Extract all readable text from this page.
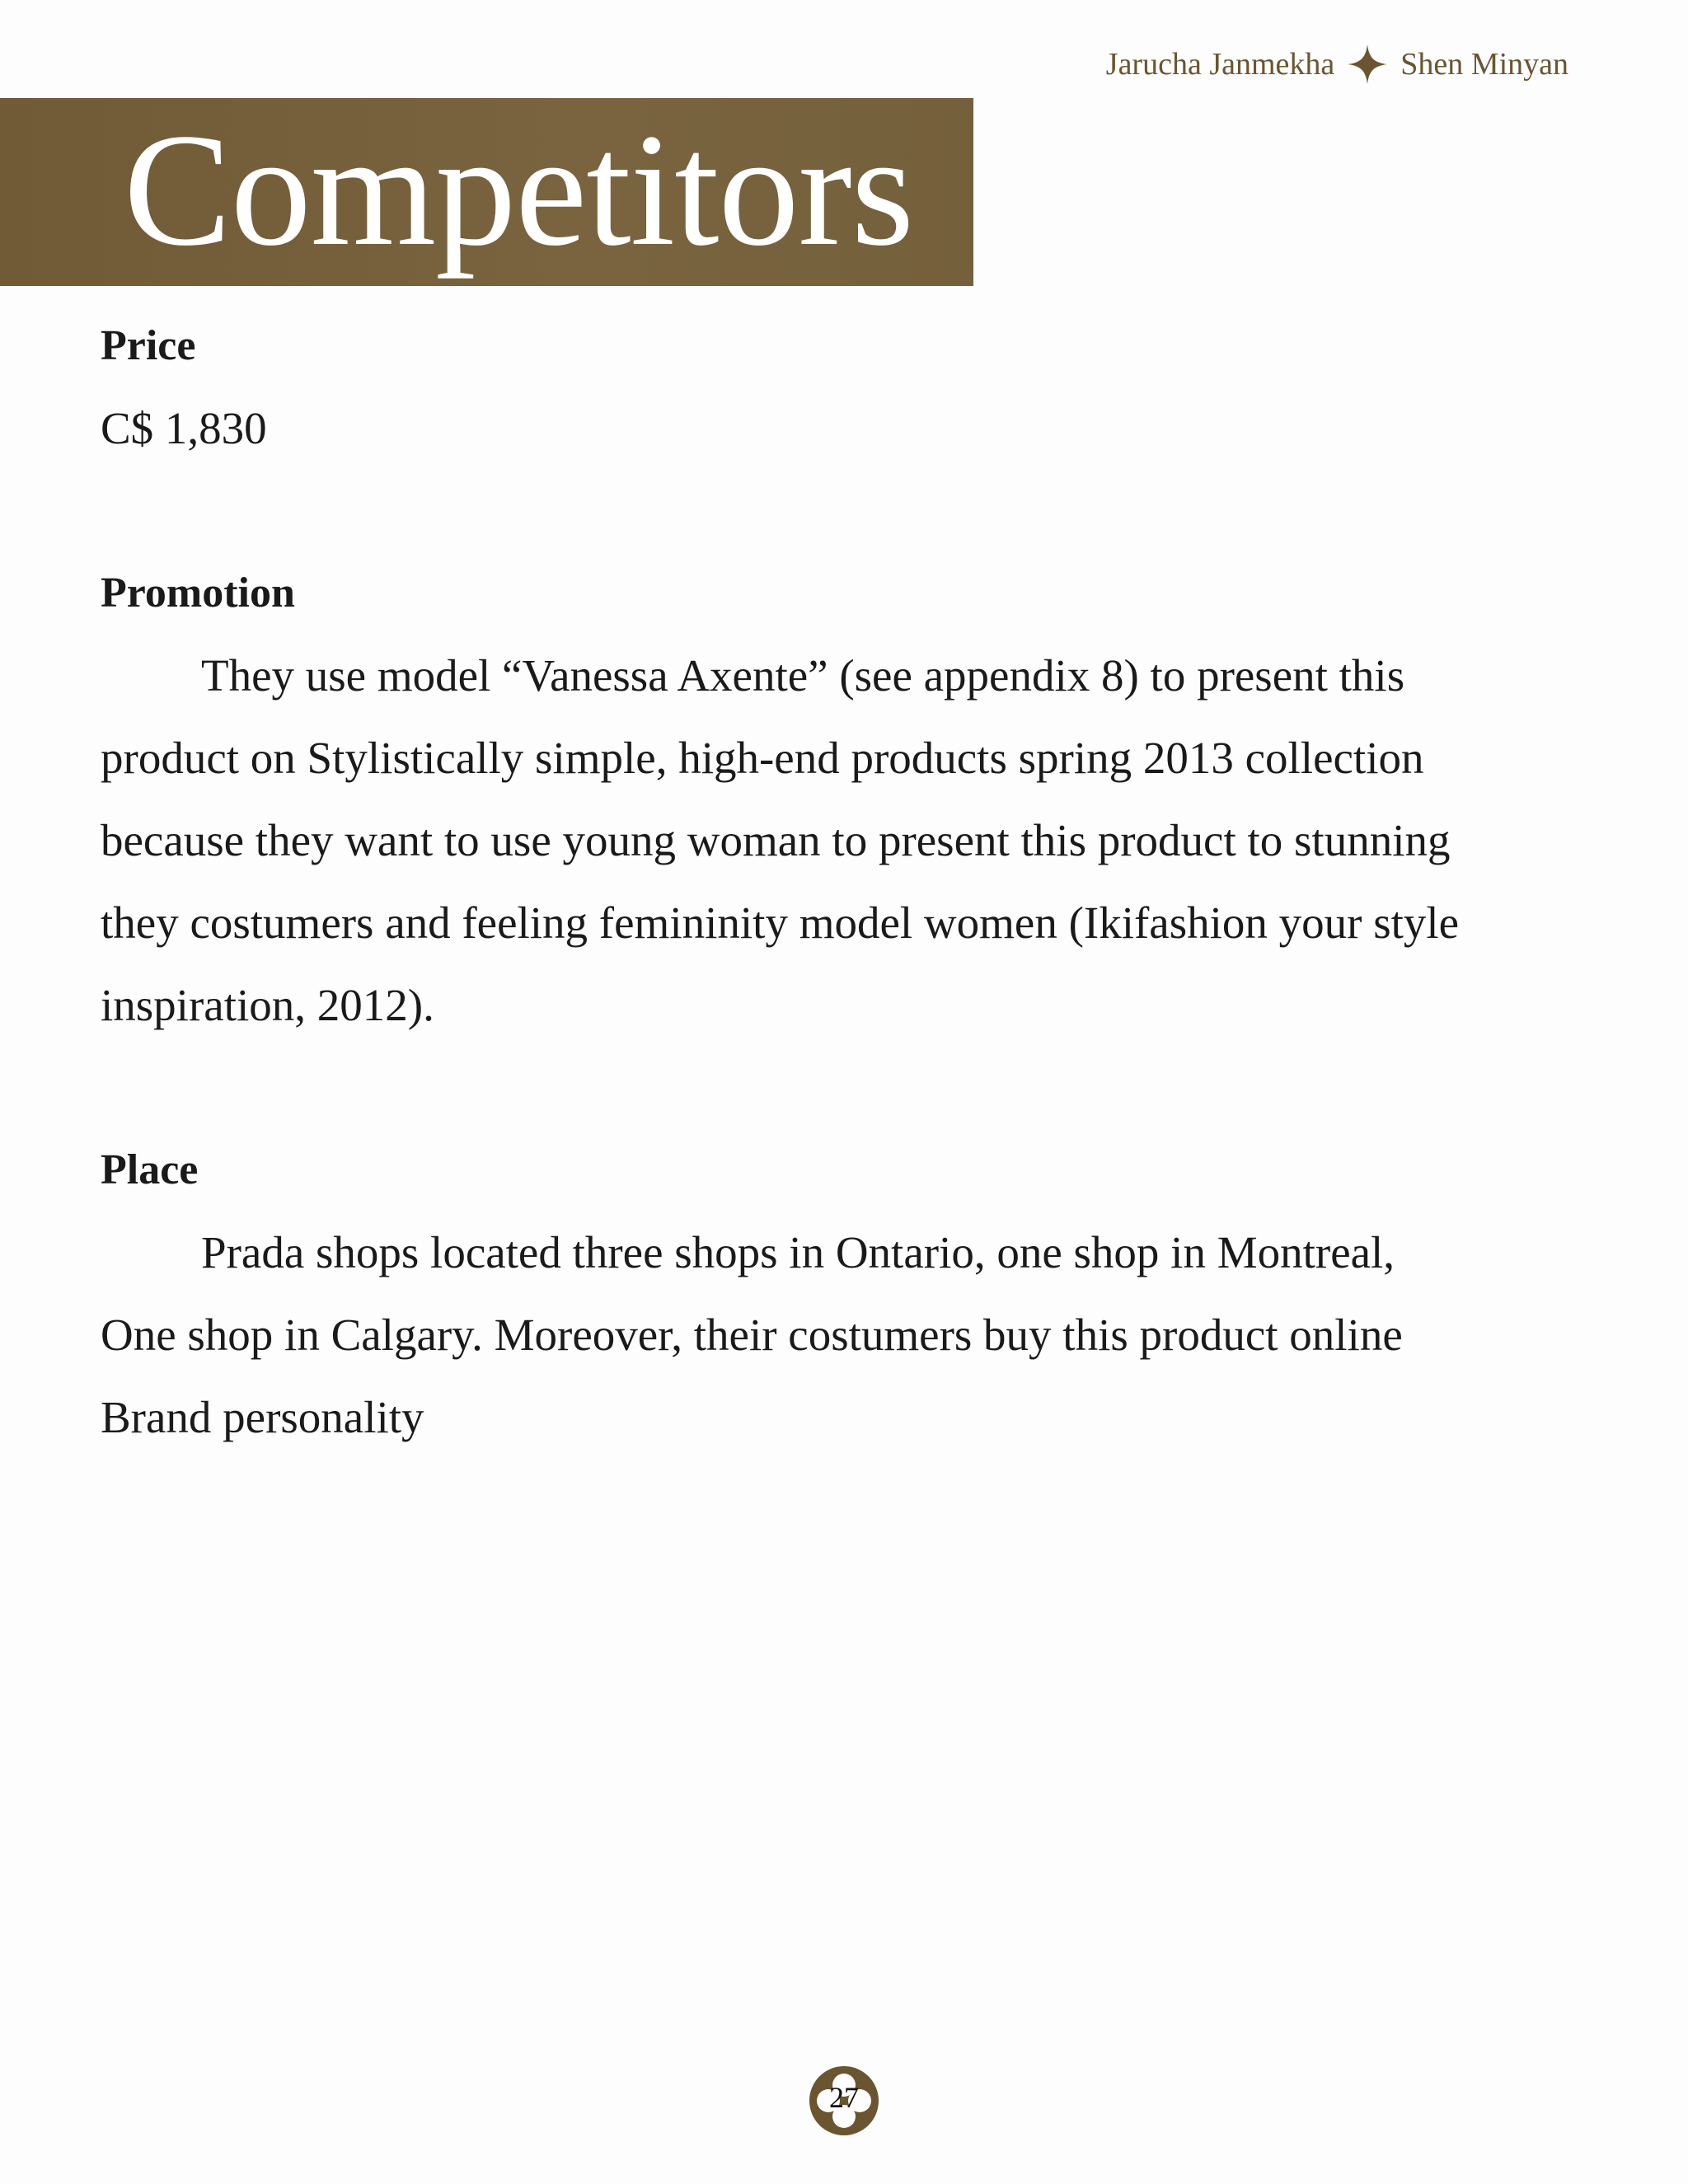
Jarucha Janmekha Shen Minyan
Competitors

Price

C$ 1,830

Promotion

They use model “Vanessa Axente” (see appendix 8) to present this

product on Stylistically simple, high-end products spring 2013 collection

because they want to use young woman to present this product to stunning

they costumers and feeling femininity model women (Ikifashion your style

inspiration, 2012).

Place

Prada shops located three shops in Ontario, one shop in Montreal,

One shop in Calgary. Moreover, their costumers buy this product online

Brand personality

27
